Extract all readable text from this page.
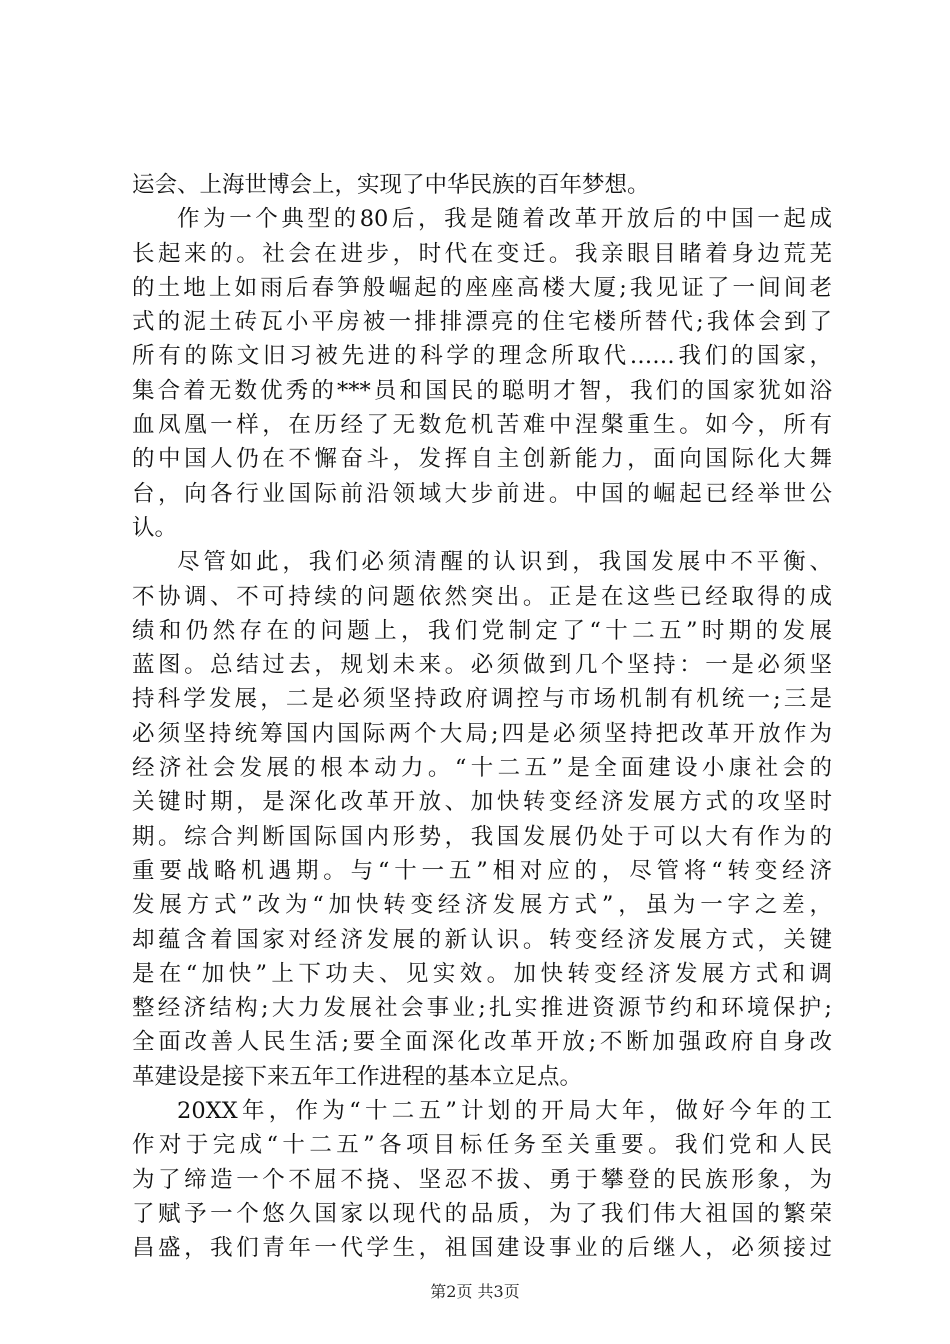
运会、上海世博会上，实现了中华民族的百年梦想。
作为一个典型的80后，我是随着改革开放后的中国一起成
长起来的。社会在进步，时代在变迁。我亲眼目睹着身边荒芜
的土地上如雨后春笋般崛起的座座高楼大厦;我见证了一间间老
式的泥土砖瓦小平房被一排排漂亮的住宅楼所替代;我体会到了
所有的陈文旧习被先进的科学的理念所取代……我们的国家，
集合着无数优秀的***员和国民的聪明才智，我们的国家犹如浴
血凤凰一样，在历经了无数危机苦难中涅槃重生。如今，所有
的中国人仍在不懈奋斗，发挥自主创新能力，面向国际化大舞
台，向各行业国际前沿领域大步前进。中国的崛起已经举世公
认。
尽管如此，我们必须清醒的认识到，我国发展中不平衡、
不协调、不可持续的问题依然突出。正是在这些已经取得的成
绩和仍然存在的问题上，我们党制定了“十二五”时期的发展
蓝图。总结过去，规划未来。必须做到几个坚持：一是必须坚
持科学发展，二是必须坚持政府调控与市场机制有机统一;三是
必须坚持统筹国内国际两个大局;四是必须坚持把改革开放作为
经济社会发展的根本动力。“十二五”是全面建设小康社会的
关键时期，是深化改革开放、加快转变经济发展方式的攻坚时
期。综合判断国际国内形势，我国发展仍处于可以大有作为的
重要战略机遇期。与“十一五”相对应的，尽管将“转变经济
发展方式”改为“加快转变经济发展方式”，虽为一字之差，
却蕴含着国家对经济发展的新认识。转变经济发展方式，关键
是在“加快”上下功夫、见实效。加快转变经济发展方式和调
整经济结构;大力发展社会事业;扎实推进资源节约和环境保护;
全面改善人民生活;要全面深化改革开放;不断加强政府自身改
革建设是接下来五年工作进程的基本立足点。
20XX年，作为“十二五”计划的开局大年，做好今年的工
作对于完成“十二五”各项目标任务至关重要。我们党和人民
为了缔造一个不屈不挠、坚忍不拔、勇于攀登的民族形象，为
了赋予一个悠久国家以现代的品质，为了我们伟大祖国的繁荣
昌盛，我们青年一代学生，祖国建设事业的后继人，必须接过
第2页 共3页
